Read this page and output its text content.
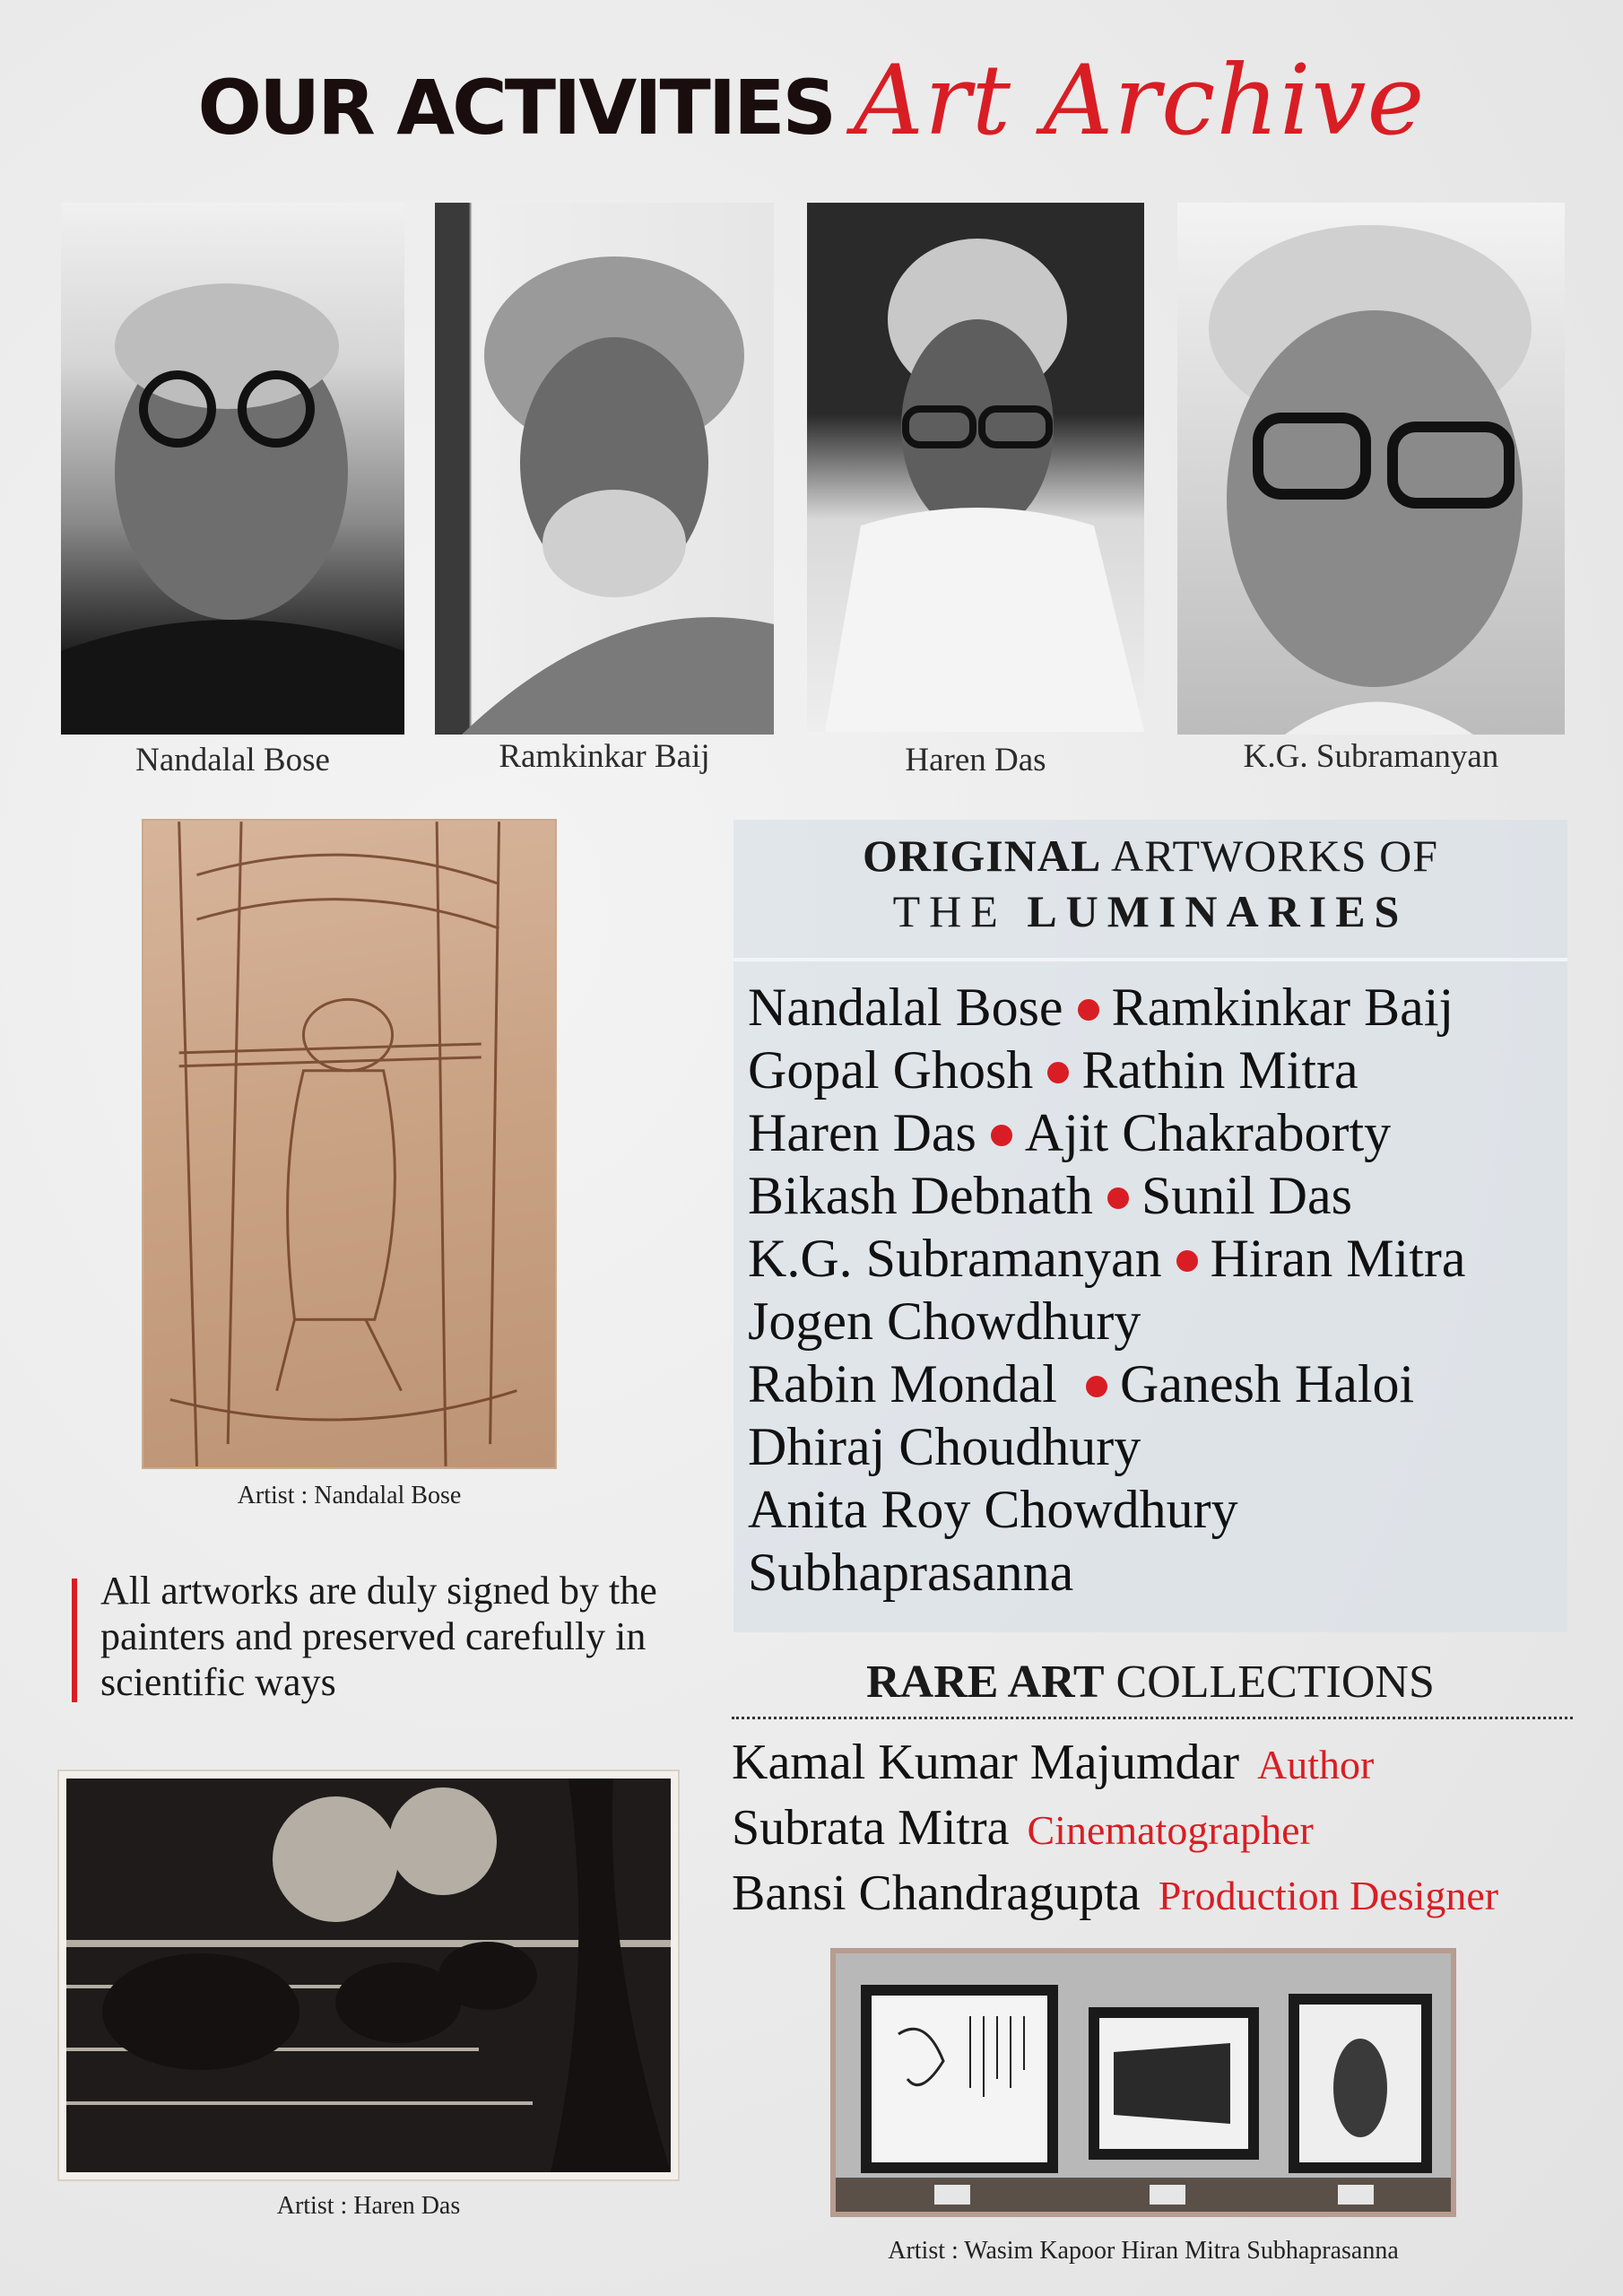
OUR ACTIVITIES Art Archive
Nandalal Bose	Ramkinkar Baij	Haren Das	K.G. Subramanyan
Artist : Nandalal Bose
All artworks are duly signed by the painters and preserved carefully in scientific ways
Artist : Haren Das
ORIGINAL ARTWORKS OF
THE LUMINARIES
Nandalal Bose Ramkinkar Baij
Gopal Ghosh Rathin Mitra
Haren Das Ajit Chakraborty
Bikash Debnath Sunil Das
K.G. Subramanyan Hiran Mitra
Jogen Chowdhury
Rabin Mondal Ganesh Haloi
Dhiraj Choudhury
Anita Roy Chowdhury
Subhaprasanna
RARE ART COLLECTIONS
Kamal Kumar Majumdar Author
Subrata Mitra Cinematographer
Bansi Chandragupta Production Designer
Artist : Wasim Kapoor Hiran Mitra Subhaprasanna
